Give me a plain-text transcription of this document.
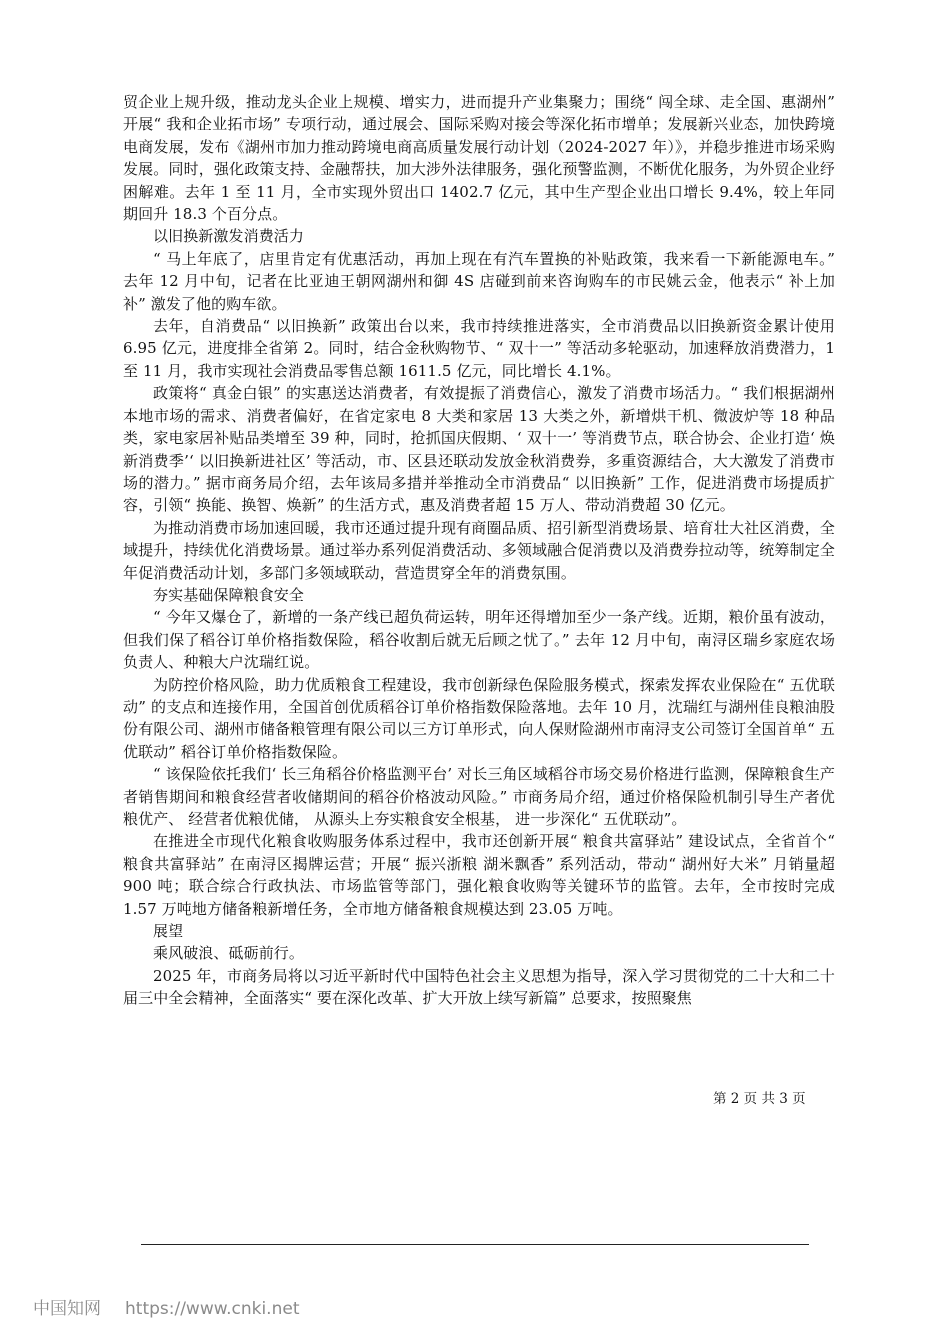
贸企业上规升级，推动龙头企业上规模、增实力，进而提升产业集聚力；围绕“ 闯全球、走全国、惠湖州” 开展“ 我和企业拓市场” 专项行动，通过展会、国际采购对接会等深化拓市增单；发展新兴业态，加快跨境电商发展，发布《湖州市加力推动跨境电商高质量发展行动计划（2024-2027 年）》，并稳步推进市场采购发展。同时，强化政策支持、金融帮扶，加大涉外法律服务，强化预警监测，不断优化服务，为外贸企业纾困解难。去年 1 至 11 月，全市实现外贸出口 1402.7 亿元，其中生产型企业出口增长 9.4%，较上年同期回升 18.3 个百分点。

以旧换新激发消费活力

“ 马上年底了，店里肯定有优惠活动，再加上现在有汽车置换的补贴政策，我来看一下新能源电车。” 去年 12 月中旬，记者在比亚迪王朝网湖州和御 4S 店碰到前来咨询购车的市民姚云金，他表示“ 补上加补” 激发了他的购车欲。

去年，自消费品“ 以旧换新” 政策出台以来，我市持续推进落实，全市消费品以旧换新资金累计使用 6.95 亿元，进度排全省第 2。同时，结合金秋购物节、“ 双十一” 等活动多轮驱动，加速释放消费潜力，1 至 11 月，我市实现社会消费品零售总额 1611.5 亿元，同比增长 4.1%。

政策将“ 真金白银” 的实惠送达消费者，有效提振了消费信心，激发了消费市场活力。“ 我们根据湖州本地市场的需求、消费者偏好，在省定家电 8 大类和家居 13 大类之外，新增烘干机、微波炉等 18 种品类，家电家居补贴品类增至 39 种，同时，抢抓国庆假期、‘ 双十一’ 等消费节点，联合协会、企业打造‘ 焕新消费季’‘ 以旧换新进社区’ 等活动，市、区县还联动发放金秋消费券，多重资源结合，大大激发了消费市场的潜力。” 据市商务局介绍，去年该局多措并举推动全市消费品“ 以旧换新” 工作，促进消费市场提质扩容，引领“ 换能、换智、焕新” 的生活方式，惠及消费者超 15 万人、带动消费超 30 亿元。

为推动消费市场加速回暖，我市还通过提升现有商圈品质、招引新型消费场景、培育壮大社区消费，全域提升，持续优化消费场景。通过举办系列促消费活动、多领域融合促消费以及消费券拉动等，统筹制定全年促消费活动计划，多部门多领域联动，营造贯穿全年的消费氛围。

夯实基础保障粮食安全

“ 今年又爆仓了，新增的一条产线已超负荷运转，明年还得增加至少一条产线。近期，粮价虽有波动，但我们保了稻谷订单价格指数保险，稻谷收割后就无后顾之忧了。” 去年 12 月中旬，南浔区瑞乡家庭农场负责人、种粮大户沈瑞红说。

为防控价格风险，助力优质粮食工程建设，我市创新绿色保险服务模式，探索发挥农业保险在“ 五优联动” 的支点和连接作用，全国首创优质稻谷订单价格指数保险落地。去年 10 月，沈瑞红与湖州佳良粮油股份有限公司、湖州市储备粮管理有限公司以三方订单形式，向人保财险湖州市南浔支公司签订全国首单“ 五优联动” 稻谷订单价格指数保险。

“ 该保险依托我们‘ 长三角稻谷价格监测平台’ 对长三角区域稻谷市场交易价格进行监测，保障粮食生产者销售期间和粮食经营者收储期间的稻谷价格波动风险。” 市商务局介绍，通过价格保险机制引导生产者优粮优产、 经营者优粮优储， 从源头上夯实粮食安全根基， 进一步深化“ 五优联动”。

在推进全市现代化粮食收购服务体系过程中，我市还创新开展“ 粮食共富驿站” 建设试点，全省首个“ 粮食共富驿站” 在南浔区揭牌运营；开展“ 振兴浙粮 湖米飘香” 系列活动，带动“ 湖州好大米” 月销量超 900 吨；联合综合行政执法、市场监管等部门，强化粮食收购等关键环节的监管。去年，全市按时完成 1.57 万吨地方储备粮新增任务，全市地方储备粮食规模达到 23.05 万吨。

展望

乘风破浪、砥砺前行。

2025 年，市商务局将以习近平新时代中国特色社会主义思想为指导，深入学习贯彻党的二十大和二十届三中全会精神，全面落实“ 要在深化改革、扩大开放上续写新篇” 总要求，按照聚焦

第 2 页 共 3 页
中国知网 https://www.cnki.net
